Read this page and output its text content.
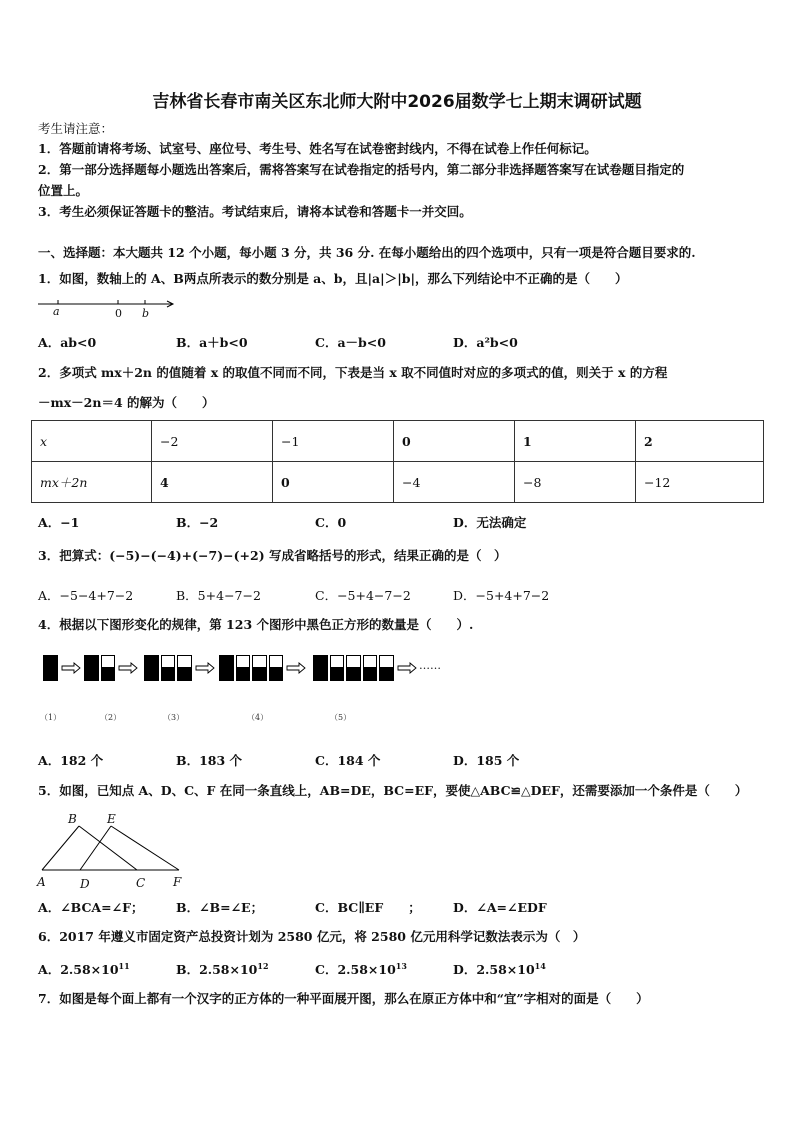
吉林省长春市南关区东北师大附中2026届数学七上期末调研试题
考生请注意：
1．答题前请将考场、试室号、座位号、考生号、姓名写在试卷密封线内，不得在试卷上作任何标记。
2．第一部分选择题每小题选出答案后，需将答案写在试卷指定的括号内，第二部分非选择题答案写在试卷题目指定的
位置上。
3．考生必须保证答题卡的整洁。考试结束后，请将本试卷和答题卡一并交回。
一、选择题：本大题共 12 个小题，每小题 3 分，共 36 分. 在每小题给出的四个选项中，只有一项是符合题目要求的.
1．如图，数轴上的 A、B两点所表示的数分别是 a、b，且|a|＞|b|，那么下列结论中不正确的是（　　）
a	0 b
A．ab<0	B．a＋b<0	C．a－b<0	D．a²b<0
2．多项式 mx＋2n 的值随着 x 的取值不同而不同，下表是当 x 取不同值时对应的多项式的值，则关于 x 的方程
－mx－2n＝4 的解为（　　）
x	−2	−1	0	1	2
mx＋2n	4	0	−4	−8	−12
A．−1	B．−2	C．0	D．无法确定
3．把算式：(−5)−(−4)+(−7)−(+2) 写成省略括号的形式，结果正确的是（　）
A．−5−4+7−2	B．5+4−7−2	C．−5+4−7−2	D．−5+4+7−2
4．根据以下图形变化的规律，第 123 个图形中黑色正方形的数量是（　　）.
（1）	（2）	（3）	（4）	（5）
……
A．182 个	B．183 个	C．184 个	D．185 个
5．如图，已知点 A、D、C、F 在同一条直线上，AB=DE，BC=EF，要使△ABC≌△DEF，还需要添加一个条件是（　　）
B	E
A	D	C F
A．∠BCA=∠F；	B．∠B=∠E；	C．BC∥EF　　；	D．∠A=∠EDF
6．2017 年遵义市固定资产总投资计划为 2580 亿元，将 2580 亿元用科学记数法表示为（　）
A．$2.58\times 10^{11}$	B．$2.58\times 10^{12}$	C．$2.58\times 10^{13}$	D．$2.58\times 10^{14}$
7．如图是每个面上都有一个汉字的正方体的一种平面展开图，那么在原正方体中和“宜”字相对的面是（　　）
